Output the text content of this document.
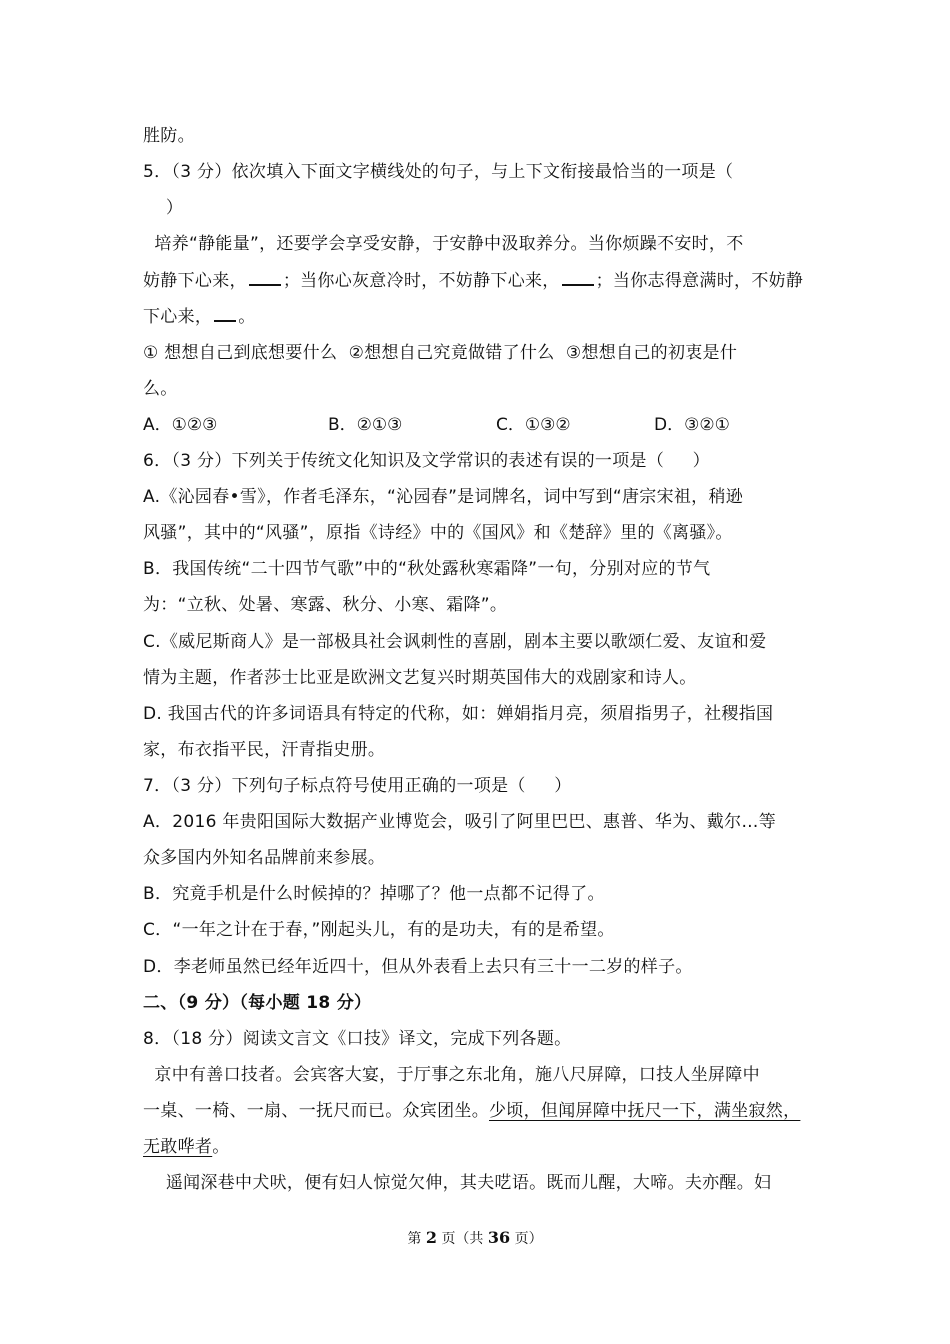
胜防。
5．（3 分）依次填入下面文字横线处的句子，与上下文衔接最恰当的一项是（
）
培养“静能量”，还要学会享受安静，于安静中汲取养分。当你烦躁不安时，不
妨静下心来， ；当你心灰意冷时，不妨静下心来， ；当你志得意满时，不妨静
下心来， 。
① 想想自己到底想要什么  ②想想自己究竟做错了什么  ③想想自己的初衷是什
么。
A．①②③	B．②①③	C．①③②	D．③②①
6．（3 分）下列关于传统文化知识及文学常识的表述有误的一项是（     ）
A.《沁园春•雪》，作者毛泽东，“沁园春”是词牌名，词中写到“唐宗宋祖，稍逊
风骚”，其中的“风骚”，原指《诗经》中的《国风》和《楚辞》里的《离骚》。
B．我国传统“二十四节气歌”中的“秋处露秋寒霜降”一句，分别对应的节气
为：“立秋、处暑、寒露、秋分、小寒、霜降”。
C.《威尼斯商人》是一部极具社会讽刺性的喜剧，剧本主要以歌颂仁爱、友谊和爱
情为主题，作者莎士比亚是欧洲文艺复兴时期英国伟大的戏剧家和诗人。
D. 我国古代的许多词语具有特定的代称，如：婵娟指月亮，须眉指男子，社稷指国
家，布衣指平民，汗青指史册。
7．（3 分）下列句子标点符号使用正确的一项是（     ）
A．2016 年贵阳国际大数据产业博览会，吸引了阿里巴巴、惠普、华为、戴尔…等
众多国内外知名品牌前来参展。
B．究竟手机是什么时候掉的？掉哪了？他一点都不记得了。
C．“一年之计在于春，”刚起头儿，有的是功夫，有的是希望。
D．李老师虽然已经年近四十，但从外表看上去只有三十一二岁的样子。
二、（9 分）（每小题 18 分）
8．（18 分）阅读文言文《口技》译文，完成下列各题。
京中有善口技者。会宾客大宴，于厅事之东北角，施八尺屏障，口技人坐屏障中
一桌、一椅、一扇、一抚尺而已。众宾团坐。少顷，但闻屏障中抚尺一下，满坐寂然，
无敢哗者。
遥闻深巷中犬吠，便有妇人惊觉欠伸，其夫呓语。既而儿醒，大啼。夫亦醒。妇
第 2 页（共 36 页）
